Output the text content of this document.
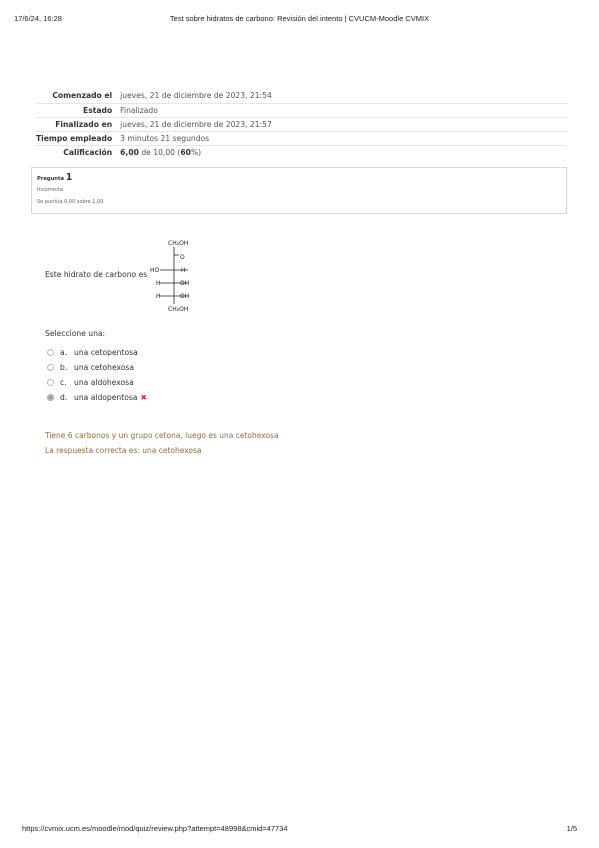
17/6/24, 16:28	Test sobre hidratos de carbono: Revisión del intento | CVUCM-Moodle CVMIX
Comenzado el	jueves, 21 de diciembre de 2023, 21:54
Estado	Finalizado
Finalizado en	jueves, 21 de diciembre de 2023, 21:57
Tiempo empleado	3 minutos 21 segundos
Calificación	6,00 de 10,00 (60%)
Pregunta 1
Incorrecta
Se puntúa 0,00 sobre 1,00
Este hidrato de carbono es
CH₂OH
O
HO	H
H	OH
H	OH
CH₂OH
Seleccione una:
a. una cetopentosa
b. una cetohexosa
c. una aldohexosa
d. una aldopentosa ✖
Tiene 6 carbonos y un grupo cetona, luego es una cetohexosa
La respuesta correcta es: una cetohexosa
https://cvmix.ucm.es/moodle/mod/quiz/review.php?attempt=48998&cmid=47734	1/5
